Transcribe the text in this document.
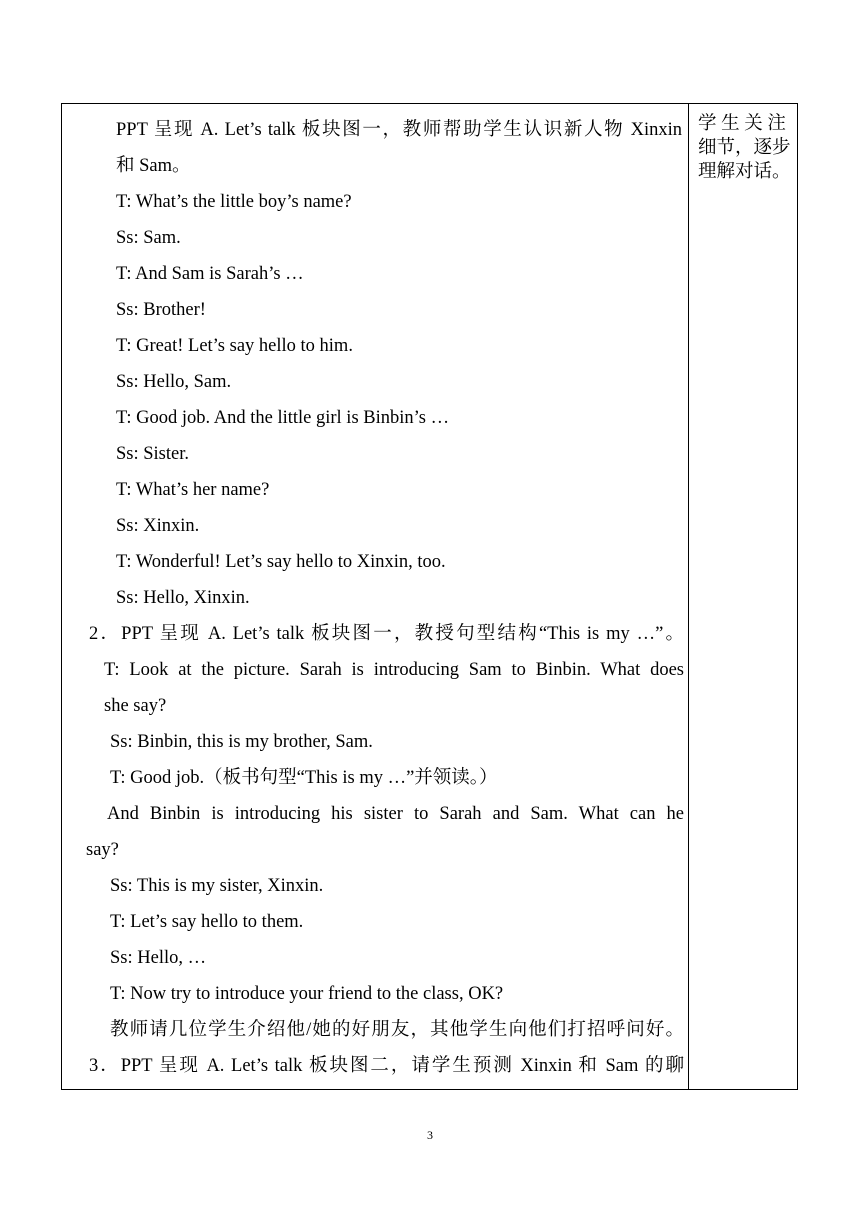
PPT 呈现 A. Let’s talk 板块图一，教师帮助学生认识新人物 Xinxin
和 Sam。
T: What’s the little boy’s name?
Ss: Sam.
T: And Sam is Sarah’s …
Ss: Brother!
T: Great! Let’s say hello to him.
Ss: Hello, Sam.
T: Good job. And the little girl is Binbin’s …
Ss: Sister.
T: What’s her name?
Ss: Xinxin.
T: Wonderful! Let’s say hello to Xinxin, too.
Ss: Hello, Xinxin.
2．PPT 呈现 A. Let’s talk 板块图一，教授句型结构“This is my …”。
T: Look at the picture. Sarah is introducing Sam to Binbin. What does
she say?
Ss: Binbin, this is my brother, Sam.
T: Good job.（板书句型“This is my …”并领读。）
And Binbin is introducing his sister to Sarah and Sam. What can he
say?
Ss: This is my sister, Xinxin.
T: Let’s say hello to them.
Ss: Hello, …
T: Now try to introduce your friend to the class, OK?
教师请几位学生介绍他/她的好朋友，其他学生向他们打招呼问好。
3．PPT 呈现 A. Let’s talk 板块图二，请学生预测 Xinxin 和 Sam 的聊
学 生 关 注
细节，逐步
理解对话。
3
